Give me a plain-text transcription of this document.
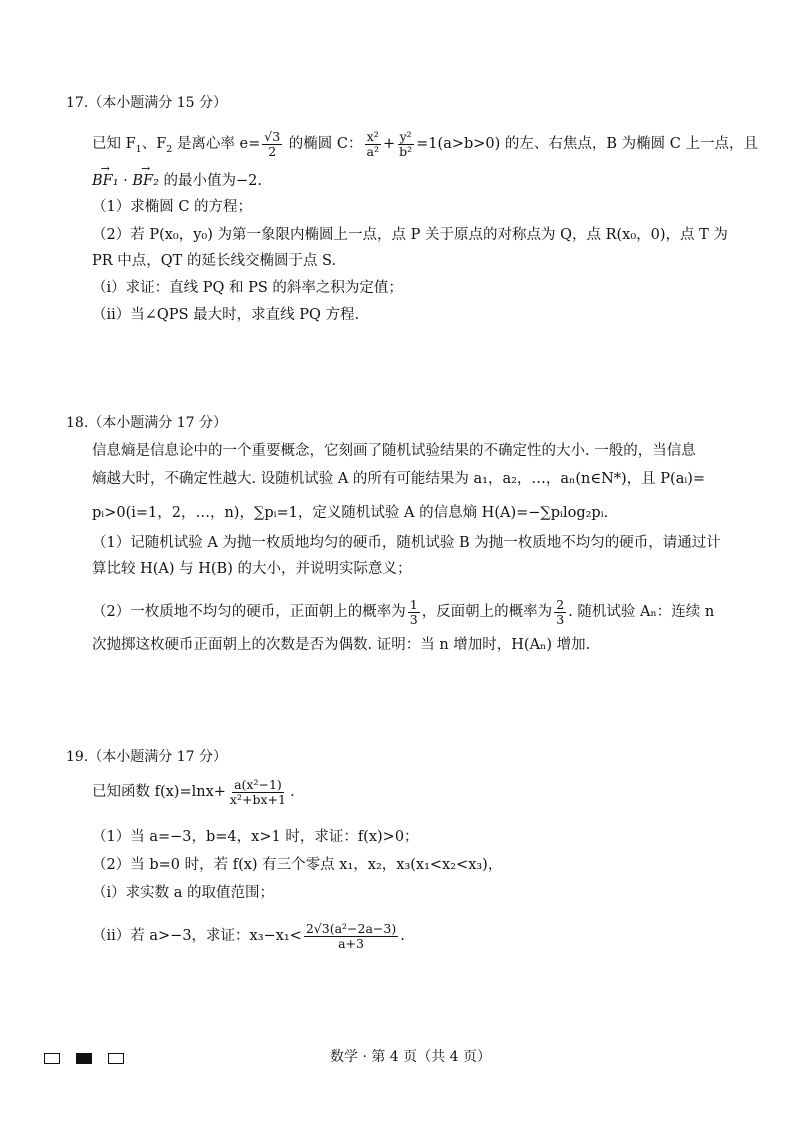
17.（本小题满分 15 分）
已知 $F_1$、$F_2$ 是离心率 $e= \frac{√3}{2}$ 的椭圆 C： $\frac{\text{x²}}{\text{a²}} + \frac{\text{y²}}{\text{b²}} =1(a>b>0)$ 的左、右焦点，B 为椭圆 C 上一点，且
→ BF₁ · → BF₂ 的最小值为−2.
（1）求椭圆 C 的方程；
（2）若 P(x₀，y₀) 为第一象限内椭圆上一点，点 P 关于原点的对称点为 Q，点 R(x₀，0)，点 T 为
PR 中点，QT 的延长线交椭圆于点 S.
（i）求证：直线 PQ 和 PS 的斜率之积为定值；
（ii）当∠QPS 最大时，求直线 PQ 方程.
18.（本小题满分 17 分）
信息熵是信息论中的一个重要概念，它刻画了随机试验结果的不确定性的大小. 一般的，当信息
熵越大时，不确定性越大. 设随机试验 A 的所有可能结果为 a₁，a₂，…，aₙ(n∈N*)，且 P(aᵢ)=
pᵢ>0(i=1，2，…，n)，∑pᵢ=1，定义随机试验 A 的信息熵 H(A)=−∑pᵢlog₂pᵢ.
（1）记随机试验 A 为抛一枚质地均匀的硬币，随机试验 B 为抛一枚质地不均匀的硬币，请通过计
算比较 H(A) 与 H(B) 的大小，并说明实际意义；
（2）一枚质地不均匀的硬币，正面朝上的概率为 $\frac{1}{3}$ ，反面朝上的概率为 $\frac{2}{3}$ . 随机试验 Aₙ：连续 n
次抛掷这枚硬币正面朝上的次数是否为偶数. 证明：当 n 增加时，H(Aₙ) 增加.
19.（本小题满分 17 分）
已知函数 $f(x)=\ln x+ \frac{\text{a(x²−1)}}{\text{x²+bx+1}}$ .
（1）当 a=−3，b=4，x>1 时，求证：f(x)>0；
（2）当 b=0 时，若 f(x) 有三个零点 x₁，x₂，x₃(x₁<x₂<x₃)，
（i）求实数 a 的取值范围；
（ii）若 a>−3，求证：$x_3-x_1< \frac{\text{2√3(a²−2a−3)}}{a+3}$ .
数学 · 第 4 页（共 4 页）
